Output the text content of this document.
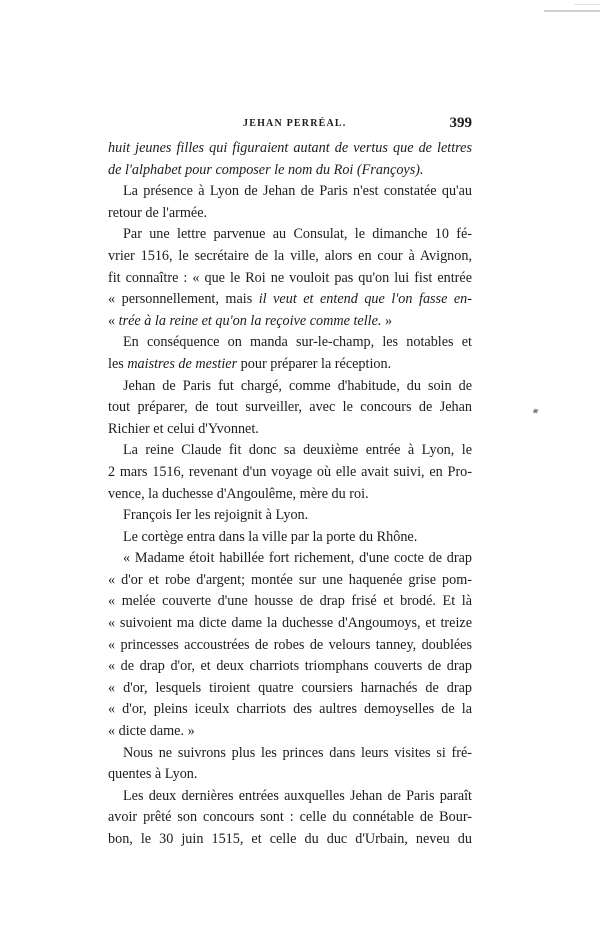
JEHAN PERRÉAL.	399

huit jeunes filles qui figuraient autant de vertus que de lettres
de l'alphabet pour composer le nom du Roi (Françoys).

La présence à Lyon de Jehan de Paris n'est constatée qu'au
retour de l'armée.

Par une lettre parvenue au Consulat, le dimanche 10 fé-
vrier 1516, le secrétaire de la ville, alors en cour à Avignon,
fit connaître : « que le Roi ne vouloit pas qu'on lui fist entrée
« personnellement, mais il veut et entend que l'on fasse en-
« trée à la reine et qu'on la reçoive comme telle. »

En conséquence on manda sur-le-champ, les notables et
les maistres de mestier pour préparer la réception.

Jehan de Paris fut chargé, comme d'habitude, du soin de
tout préparer, de tout surveiller, avec le concours de Jehan
Richier et celui d'Yvonnet.

La reine Claude fit donc sa deuxième entrée à Lyon, le
2 mars 1516, revenant d'un voyage où elle avait suivi, en Pro-
vence, la duchesse d'Angoulême, mère du roi.

François Ier les rejoignit à Lyon.

Le cortège entra dans la ville par la porte du Rhône.

« Madame étoit habillée fort richement, d'une cocte de drap
« d'or et robe d'argent; montée sur une haquenée grise pom-
« melée couverte d'une housse de drap frisé et brodé. Et là
« suivoient ma dicte dame la duchesse d'Angoumoys, et treize
« princesses accoustrées de robes de velours tanney, doublées
« de drap d'or, et deux charriots triomphans couverts de drap
« d'or, lesquels tiroient quatre coursiers harnachés de drap
« d'or, pleins iceulx charriots des aultres demoyselles de la
« dicte dame. »

Nous ne suivrons plus les princes dans leurs visites si fré-
quentes à Lyon.

Les deux dernières entrées auxquelles Jehan de Paris paraît
avoir prêté son concours sont : celle du connétable de Bour-
bon, le 30 juin 1515, et celle du duc d'Urbain, neveu du

*
